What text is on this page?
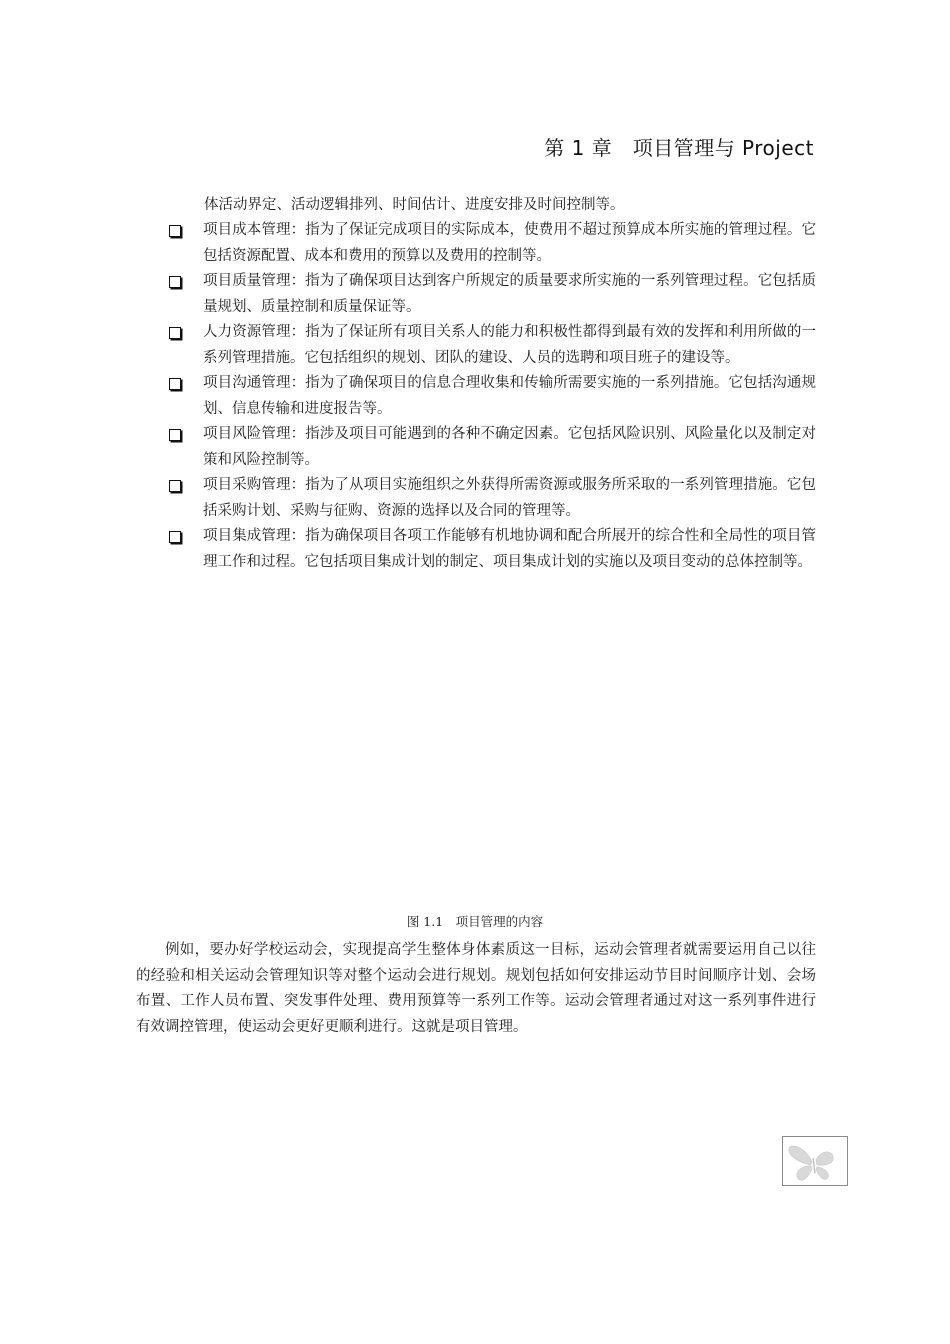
第 1 章　项目管理与 Project
体活动界定、活动逻辑排列、时间估计、进度安排及时间控制等。
项目成本管理：指为了保证完成项目的实际成本，使费用不超过预算成本所实施的管理过程。它包括资源配置、成本和费用的预算以及费用的控制等。
项目质量管理：指为了确保项目达到客户所规定的质量要求所实施的一系列管理过程。它包括质量规划、质量控制和质量保证等。
人力资源管理：指为了保证所有项目关系人的能力和积极性都得到最有效的发挥和利用所做的一系列管理措施。它包括组织的规划、团队的建设、人员的选聘和项目班子的建设等。
项目沟通管理：指为了确保项目的信息合理收集和传输所需要实施的一系列措施。它包括沟通规划、信息传输和进度报告等。
项目风险管理：指涉及项目可能遇到的各种不确定因素。它包括风险识别、风险量化以及制定对策和风险控制等。
项目采购管理：指为了从项目实施组织之外获得所需资源或服务所采取的一系列管理措施。它包括采购计划、采购与征购、资源的选择以及合同的管理等。
项目集成管理：指为确保项目各项工作能够有机地协调和配合所展开的综合性和全局性的项目管理工作和过程。它包括项目集成计划的制定、项目集成计划的实施以及项目变动的总体控制等。
图 1.1　项目管理的内容

例如，要办好学校运动会，实现提高学生整体身体素质这一目标，运动会管理者就需要运用自己以往的经验和相关运动会管理知识等对整个运动会进行规划。规划包括如何安排运动节目时间顺序计划、会场布置、工作人员布置、突发事件处理、费用预算等一系列工作等。运动会管理者通过对这一系列事件进行有效调控管理，使运动会更好更顺利进行。这就是项目管理。
